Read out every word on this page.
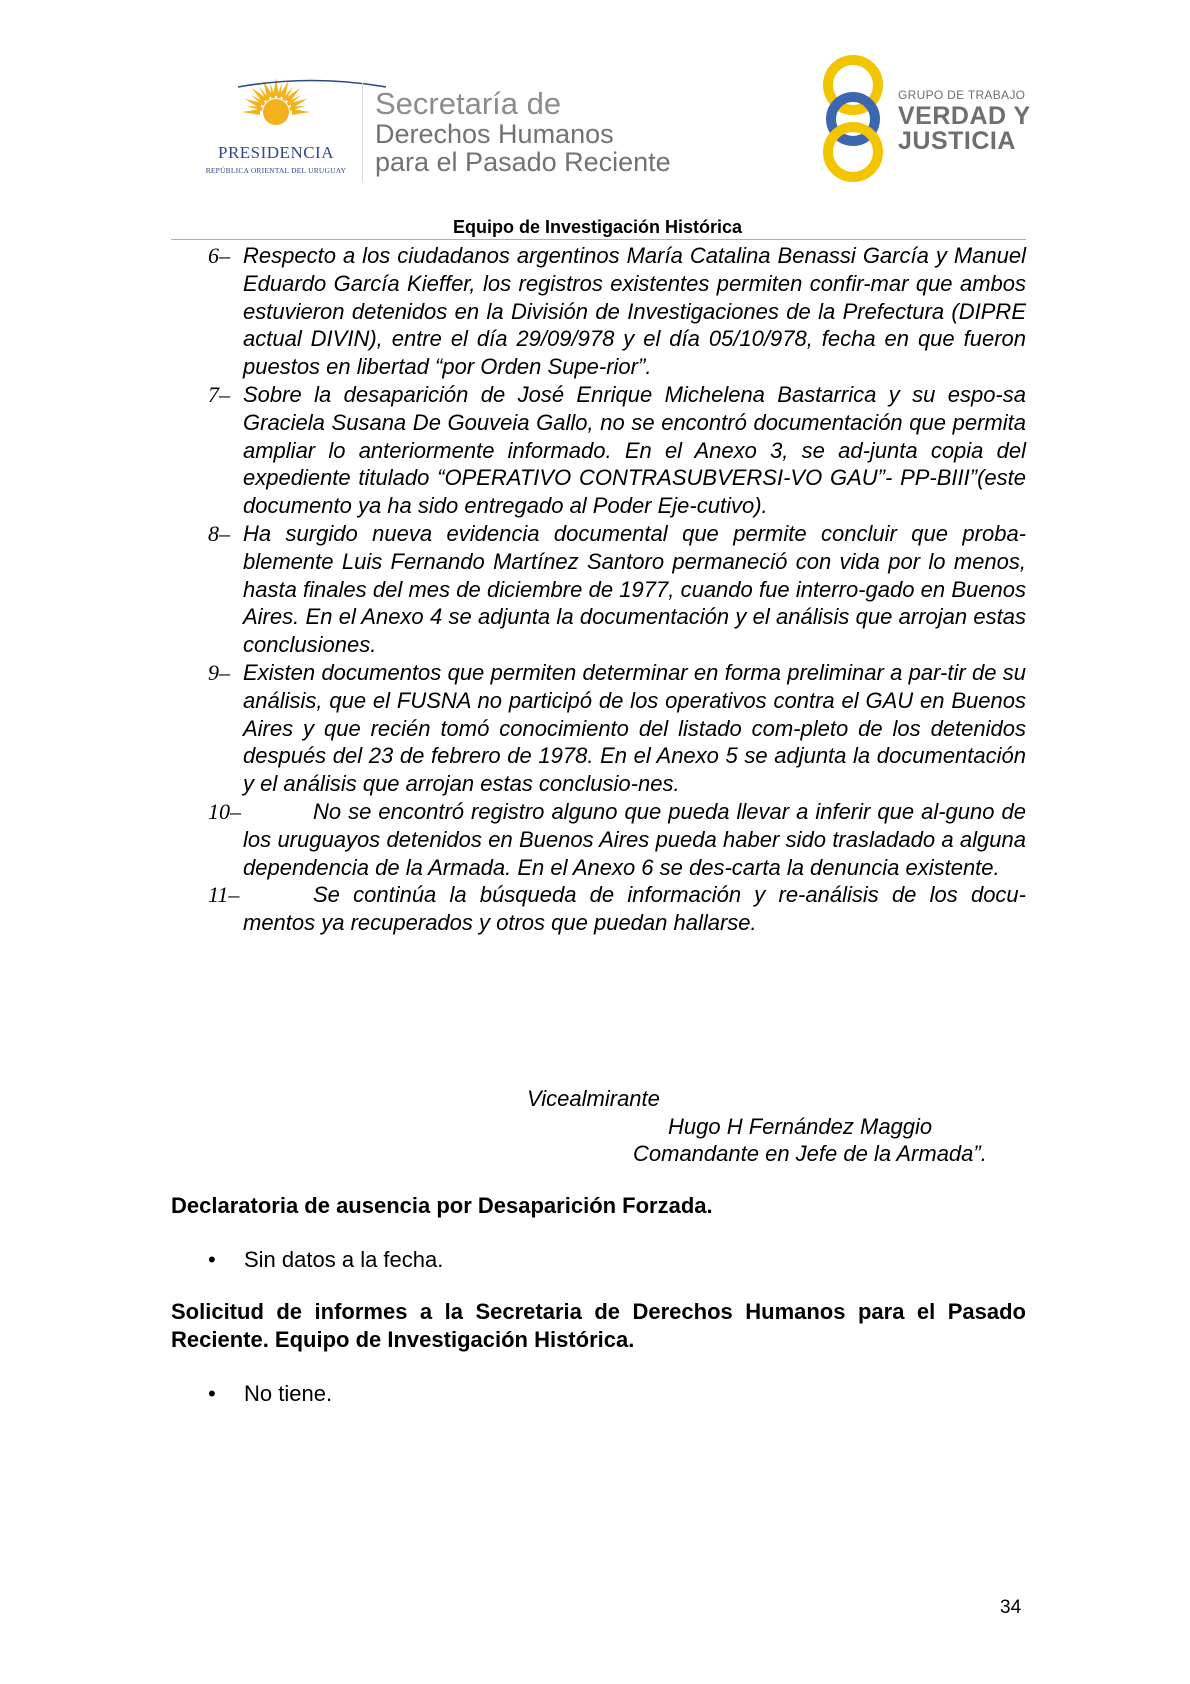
PRESIDENCIA
REPÚBLICA ORIENTAL DEL URUGUAY
Secretaría de
Derechos Humanos
para el Pasado Reciente
GRUPO DE TRABAJO
VERDAD Y
JUSTICIA
Equipo de Investigación Histórica
6– Respecto a los ciudadanos argentinos María Catalina Benassi García y Manuel Eduardo García Kieffer, los registros existentes permiten confir-mar que ambos estuvieron detenidos en la División de Investigaciones de la Prefectura (DIPRE actual DIVIN), entre el día 29/09/978 y el día 05/10/978, fecha en que fueron puestos en libertad “por Orden Supe-rior”.
7– Sobre la desaparición de José Enrique Michelena Bastarrica y su espo-sa Graciela Susana De Gouveia Gallo, no se encontró documentación que permita ampliar lo anteriormente informado. En el Anexo 3, se ad-junta copia del expediente titulado “OPERATIVO CONTRASUBVERSI-VO GAU”- PP-BIII”(este documento ya ha sido entregado al Poder Eje-cutivo).
8– Ha surgido nueva evidencia documental que permite concluir que proba-blemente Luis Fernando Martínez Santoro permaneció con vida por lo menos, hasta finales del mes de diciembre de 1977, cuando fue interro-gado en Buenos Aires. En el Anexo 4 se adjunta la documentación y el análisis que arrojan estas conclusiones.
9– Existen documentos que permiten determinar en forma preliminar a par-tir de su análisis, que el FUSNA no participó de los operativos contra el GAU en Buenos Aires y que recién tomó conocimiento del listado com-pleto de los detenidos después del 23 de febrero de 1978. En el Anexo 5 se adjunta la documentación y el análisis que arrojan estas conclusio-nes.
10–	No se encontró registro alguno que pueda llevar a inferir que al-guno de los uruguayos detenidos en Buenos Aires pueda haber sido trasladado a alguna dependencia de la Armada. En el Anexo 6 se des-carta la denuncia existente.
11–	Se continúa la búsqueda de información y re-análisis de los docu-mentos ya recuperados y otros que puedan hallarse.
Vicealmirante
Hugo H Fernández Maggio
Comandante en Jefe de la Armada”.
Declaratoria de ausencia por Desaparición Forzada.
• Sin datos a la fecha.
Solicitud de informes a la Secretaria de Derechos Humanos para el Pasado Reciente. Equipo de Investigación Histórica.
• No tiene.
34
